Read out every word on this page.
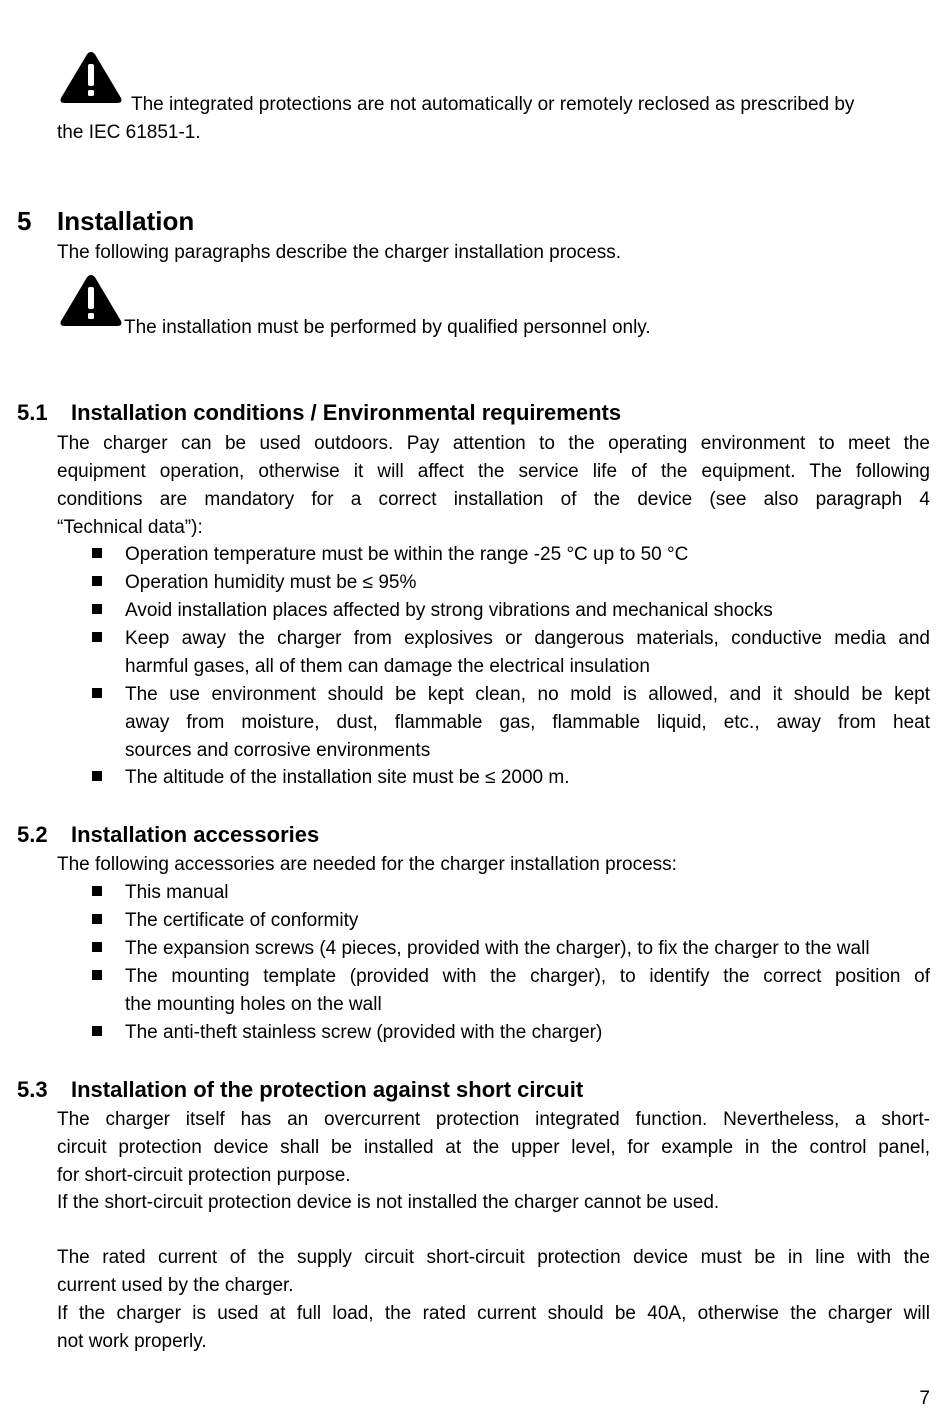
The integrated protections are not automatically or remotely reclosed as prescribed by
the IEC 61851-1.
5 Installation
The following paragraphs describe the charger installation process.
The installation must be performed by qualified personnel only.
5.1 Installation conditions / Environmental requirements
The charger can be used outdoors. Pay attention to the operating environment to meet the
equipment operation, otherwise it will affect the service life of the equipment. The following
conditions are mandatory for a correct installation of the device (see also paragraph 4
“Technical data”):
Operation temperature must be within the range -25 °C up to 50 °C
Operation humidity must be ≤ 95%
Avoid installation places affected by strong vibrations and mechanical shocks
Keep away the charger from explosives or dangerous materials, conductive media and
harmful gases, all of them can damage the electrical insulation
The use environment should be kept clean, no mold is allowed, and it should be kept
away from moisture, dust, flammable gas, flammable liquid, etc., away from heat
sources and corrosive environments
The altitude of the installation site must be ≤ 2000 m.
5.2 Installation accessories
The following accessories are needed for the charger installation process:
This manual
The certificate of conformity
The expansion screws (4 pieces, provided with the charger), to fix the charger to the wall
The mounting template (provided with the charger), to identify the correct position of
the mounting holes on the wall
The anti-theft stainless screw (provided with the charger)
5.3 Installation of the protection against short circuit
The charger itself has an overcurrent protection integrated function. Nevertheless, a short-
circuit protection device shall be installed at the upper level, for example in the control panel,
for short-circuit protection purpose.
If the short-circuit protection device is not installed the charger cannot be used.
The rated current of the supply circuit short-circuit protection device must be in line with the
current used by the charger.
If the charger is used at full load, the rated current should be 40A, otherwise the charger will
not work properly.
7
